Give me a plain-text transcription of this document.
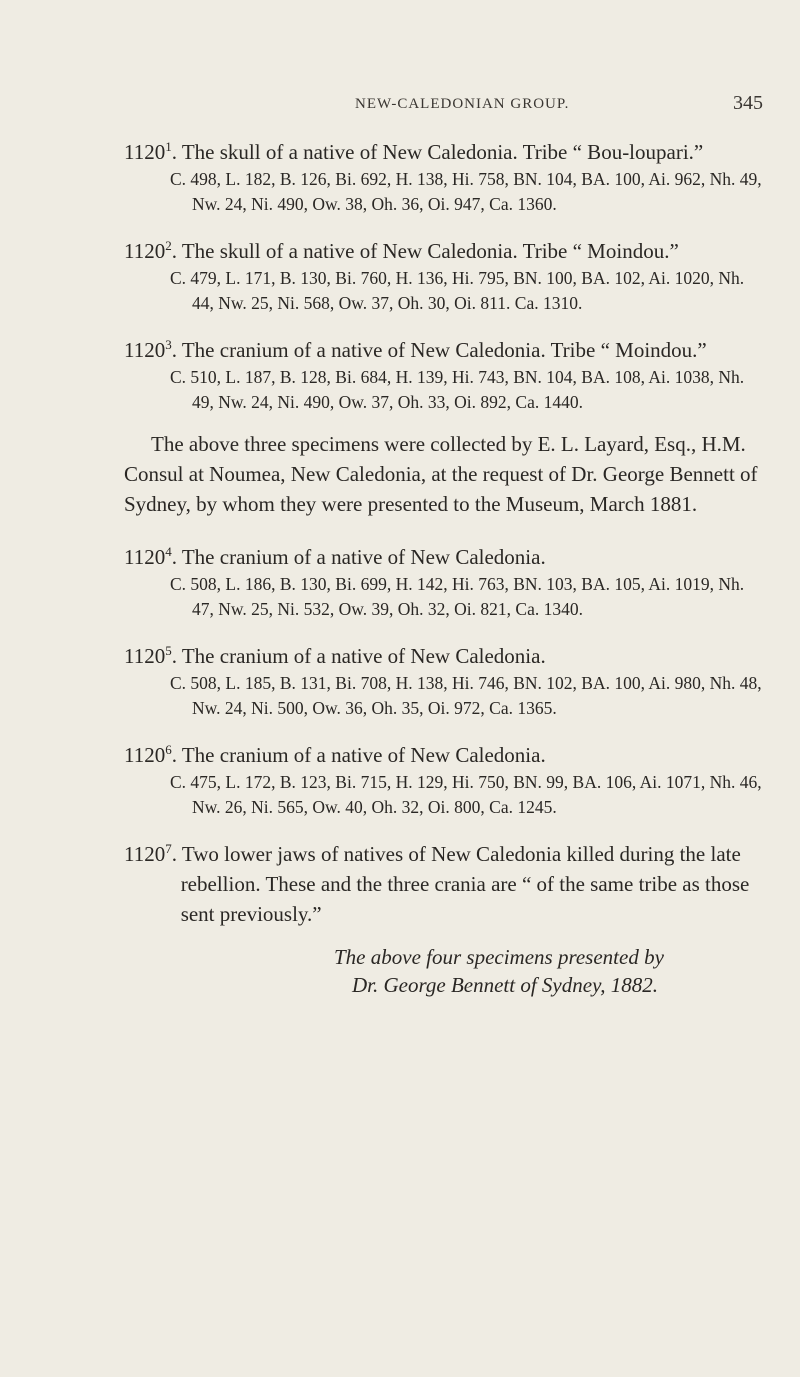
NEW-CALEDONIAN GROUP.	345
1120$^1$. The skull of a native of New Caledonia. Tribe “ Bou-loupari.”
C. 498, L. 182, B. 126, Bi. 692, H. 138, Hi. 758, BN. 104, BA. 100, Ai. 962, Nh. 49, Nw. 24, Ni. 490, Ow. 38, Oh. 36, Oi. 947, Ca. 1360.
1120$^2$. The skull of a native of New Caledonia. Tribe “ Moindou.”
C. 479, L. 171, B. 130, Bi. 760, H. 136, Hi. 795, BN. 100, BA. 102, Ai. 1020, Nh. 44, Nw. 25, Ni. 568, Ow. 37, Oh. 30, Oi. 811. Ca. 1310.
1120$^3$. The cranium of a native of New Caledonia. Tribe “ Moindou.”
C. 510, L. 187, B. 128, Bi. 684, H. 139, Hi. 743, BN. 104, BA. 108, Ai. 1038, Nh. 49, Nw. 24, Ni. 490, Ow. 37, Oh. 33, Oi. 892, Ca. 1440.

The above three specimens were collected by E. L. Layard, Esq., H.M. Consul at Noumea, New Caledonia, at the request of Dr. George Bennett of Sydney, by whom they were presented to the Museum, March 1881.

1120$^4$. The cranium of a native of New Caledonia.
C. 508, L. 186, B. 130, Bi. 699, H. 142, Hi. 763, BN. 103, BA. 105, Ai. 1019, Nh. 47, Nw. 25, Ni. 532, Ow. 39, Oh. 32, Oi. 821, Ca. 1340.
1120$^5$. The cranium of a native of New Caledonia.
C. 508, L. 185, B. 131, Bi. 708, H. 138, Hi. 746, BN. 102, BA. 100, Ai. 980, Nh. 48, Nw. 24, Ni. 500, Ow. 36, Oh. 35, Oi. 972, Ca. 1365.
1120$^6$. The cranium of a native of New Caledonia.
C. 475, L. 172, B. 123, Bi. 715, H. 129, Hi. 750, BN. 99, BA. 106, Ai. 1071, Nh. 46, Nw. 26, Ni. 565, Ow. 40, Oh. 32, Oi. 800, Ca. 1245.
1120$^7$. Two lower jaws of natives of New Caledonia killed during the late rebellion. These and the three crania are “ of the same tribe as those sent previously.”
The above four specimens presented by
Dr. George Bennett of Sydney, 1882.
